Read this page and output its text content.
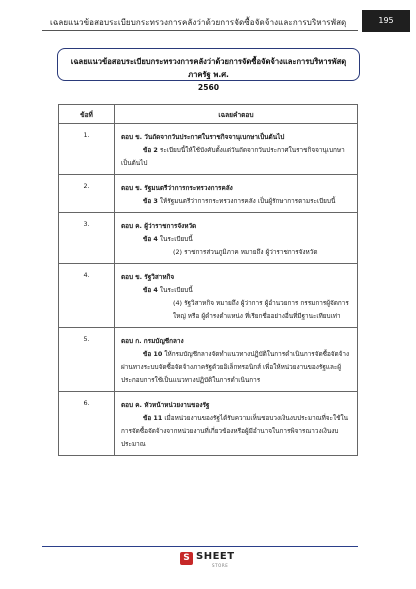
เฉลยแนวข้อสอบระเบียบกระทรวงการคลังว่าด้วยการจัดซื้อจัดจ้างและการบริหารพัสดุ	195
เฉลยแนวข้อสอบระเบียบกระทรวงการคลังว่าด้วยการจัดซื้อจัดจ้างและการบริหารพัสดุภาครัฐ พ.ศ.
2560
ข้อที่	เฉลยคำตอบ
1.	ตอบ ข. วันถัดจากวันประกาศในราชกิจจานุเบกษาเป็นต้นไป
ข้อ 2 ระเบียบนี้ให้ใช้บังคับตั้งแต่วันถัดจากวันประกาศในราชกิจจานุเบกษาเป็นต้นไป

2.	ตอบ ข. รัฐมนตรีว่าการกระทรวงการคลัง
ข้อ 3 ให้รัฐมนตรีว่าการกระทรวงการคลัง เป็นผู้รักษาการตามระเบียบนี้

3.	ตอบ ค. ผู้ว่าราชการจังหวัด
ข้อ 4 ในระเบียบนี้
(2) ราชการส่วนภูมิภาค หมายถึง ผู้ว่าราชการจังหวัด

4.	ตอบ ข. รัฐวิสาหกิจ
ข้อ 4 ในระเบียบนี้
(4) รัฐวิสาหกิจ หมายถึง ผู้ว่าการ ผู้อำนวยการ กรรมการผู้จัดการ ใหญ่ หรือ ผู้ดำรงตำแหน่ง ที่เรียกชื่ออย่างอื่นที่มีฐานะเทียบเท่า

5.	ตอบ ก. กรมบัญชีกลาง
ข้อ 10 ให้กรมบัญชีกลางจัดทำแนวทางปฏิบัติในการดำเนินการจัดซื้อจัดจ้างผ่านทางระบบจัดซื้อจัดจ้างภาครัฐด้วยอิเล็กทรอนิกส์ เพื่อให้หน่วยงานของรัฐและผู้ประกอบการใช้เป็นแนวทางปฏิบัติในการดำเนินการ

6.	ตอบ ค. หัวหน้าหน่วยงานของรัฐ
ข้อ 11 เมื่อหน่วยงานของรัฐได้รับความเห็นชอบวงเงินงบประมาณที่จะใช้ในการจัดซื้อจัดจ้างจากหน่วยงานที่เกี่ยวข้องหรือผู้มีอำนาจในการพิจารณาวงเงินงบประมาณ
S SHEET
STORE
